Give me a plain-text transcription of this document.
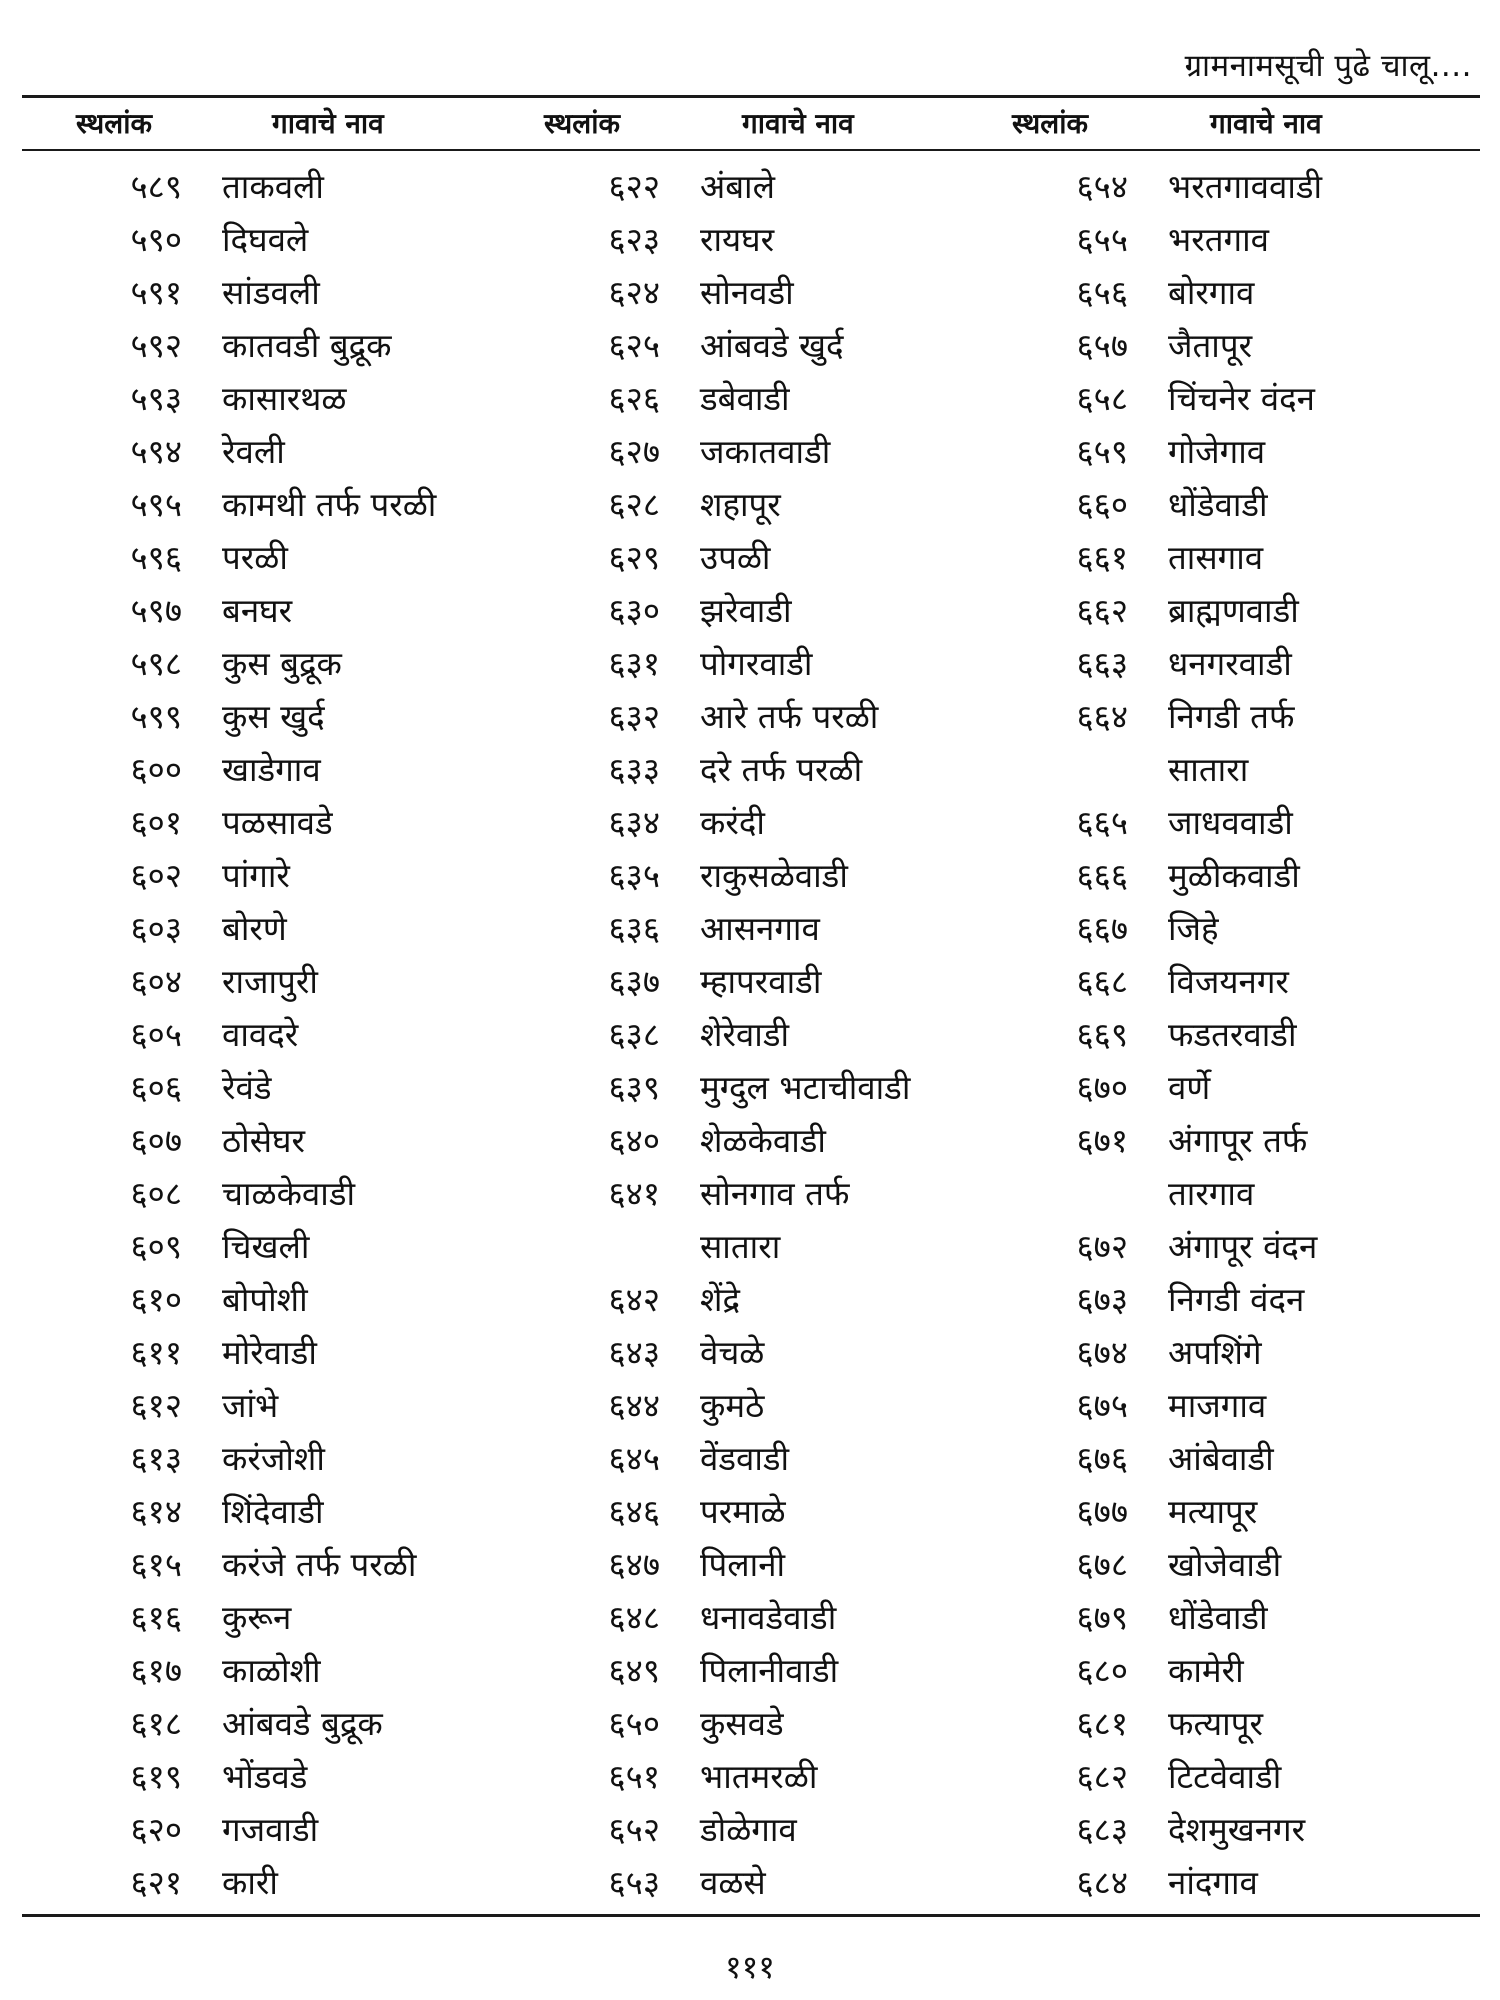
ग्रामनामसूची पुढे चालू....
स्थलांक	गावाचे नाव	स्थलांक	गावाचे नाव	स्थलांक	गावाचे नाव
५८९ ताकवली	६२२ अंबाले	६५४ भरतगाववाडी
५९० दिघवले	६२३ रायघर	६५५ भरतगाव
५९१ सांडवली	६२४ सोनवडी	६५६ बोरगाव
५९२ कातवडी बुद्रूक	६२५ आंबवडे खुर्द	६५७ जैतापूर
५९३ कासारथळ	६२६ डबेवाडी	६५८ चिंचनेर वंदन
५९४ रेवली	६२७ जकातवाडी	६५९ गोजेगाव
५९५ कामथी तर्फ परळी	६२८ शहापूर	६६० धोंडेवाडी
५९६ परळी	६२९ उपळी	६६१ तासगाव
५९७ बनघर	६३० झरेवाडी	६६२ ब्राह्मणवाडी
५९८ कुस बुद्रूक	६३१ पोगरवाडी	६६३ धनगरवाडी
५९९ कुस खुर्द	६३२ आरे तर्फ परळी	६६४ निगडी तर्फ
६०० खाडेगाव	६३३ दरे तर्फ परळी	सातारा
६०१ पळसावडे	६३४ करंदी	६६५ जाधववाडी
६०२ पांगारे	६३५ राकुसळेवाडी	६६६ मुळीकवाडी
६०३ बोरणे	६३६ आसनगाव	६६७ जिहे
६०४ राजापुरी	६३७ म्हापरवाडी	६६८ विजयनगर
६०५ वावदरे	६३८ शेरेवाडी	६६९ फडतरवाडी
६०६ रेवंडे	६३९ मुग्दुल भटाचीवाडी	६७० वर्णे
६०७ ठोसेघर	६४० शेळकेवाडी	६७१ अंगापूर तर्फ
६०८ चाळकेवाडी	६४१ सोनगाव तर्फ	तारगाव
६०९ चिखली	सातारा	६७२ अंगापूर वंदन
६१० बोपोशी	६४२ शेंद्रे	६७३ निगडी वंदन
६११ मोरेवाडी	६४३ वेचळे	६७४ अपशिंगे
६१२ जांभे	६४४ कुमठे	६७५ माजगाव
६१३ करंजोशी	६४५ वेंडवाडी	६७६ आंबेवाडी
६१४ शिंदेवाडी	६४६ परमाळे	६७७ मत्यापूर
६१५ करंजे तर्फ परळी	६४७ पिलानी	६७८ खोजेवाडी
६१६ कुरून	६४८ धनावडेवाडी	६७९ धोंडेवाडी
६१७ काळोशी	६४९ पिलानीवाडी	६८० कामेरी
६१८ आंबवडे बुद्रूक	६५० कुसवडे	६८१ फत्यापूर
६१९ भोंडवडे	६५१ भातमरळी	६८२ टिटवेवाडी
६२० गजवाडी	६५२ डोळेगाव	६८३ देशमुखनगर
६२१ कारी	६५३ वळसे	६८४ नांदगाव
१११
